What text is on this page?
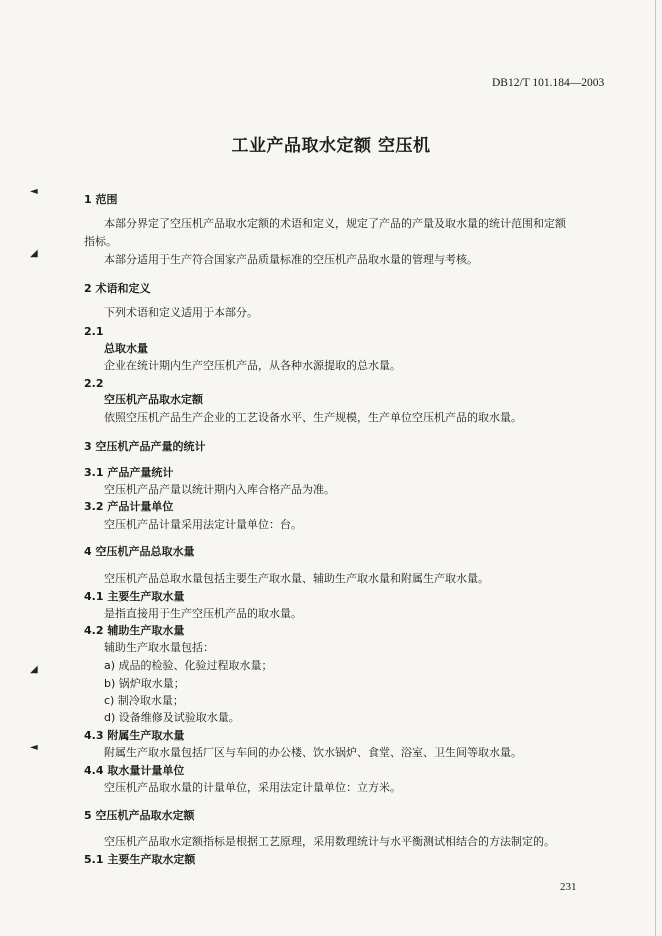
◄
◢
◢
◄
DB12/T 101.184—2003
工业产品取水定额 空压机
1 范围
本部分界定了空压机产品取水定额的术语和定义，规定了产品的产量及取水量的统计范围和定额
指标。
本部分适用于生产符合国家产品质量标准的空压机产品取水量的管理与考核。
2 术语和定义
下列术语和定义适用于本部分。
2.1
总取水量
企业在统计期内生产空压机产品，从各种水源提取的总水量。
2.2
空压机产品取水定额
依照空压机产品生产企业的工艺设备水平、生产规模，生产单位空压机产品的取水量。
3 空压机产品产量的统计
3.1 产品产量统计
空压机产品产量以统计期内入库合格产品为准。
3.2 产品计量单位
空压机产品计量采用法定计量单位：台。
4 空压机产品总取水量
空压机产品总取水量包括主要生产取水量、辅助生产取水量和附属生产取水量。
4.1 主要生产取水量
是指直接用于生产空压机产品的取水量。
4.2 辅助生产取水量
辅助生产取水量包括：
a) 成品的检验、化验过程取水量；
b) 锅炉取水量；
c) 制冷取水量；
d) 设备维修及试验取水量。
4.3 附属生产取水量
附属生产取水量包括厂区与车间的办公楼、饮水锅炉、食堂、浴室、卫生间等取水量。
4.4 取水量计量单位
空压机产品取水量的计量单位，采用法定计量单位：立方米。
5 空压机产品取水定额
空压机产品取水定额指标是根据工艺原理，采用数理统计与水平衡测试相结合的方法制定的。
5.1 主要生产取水定额
231
